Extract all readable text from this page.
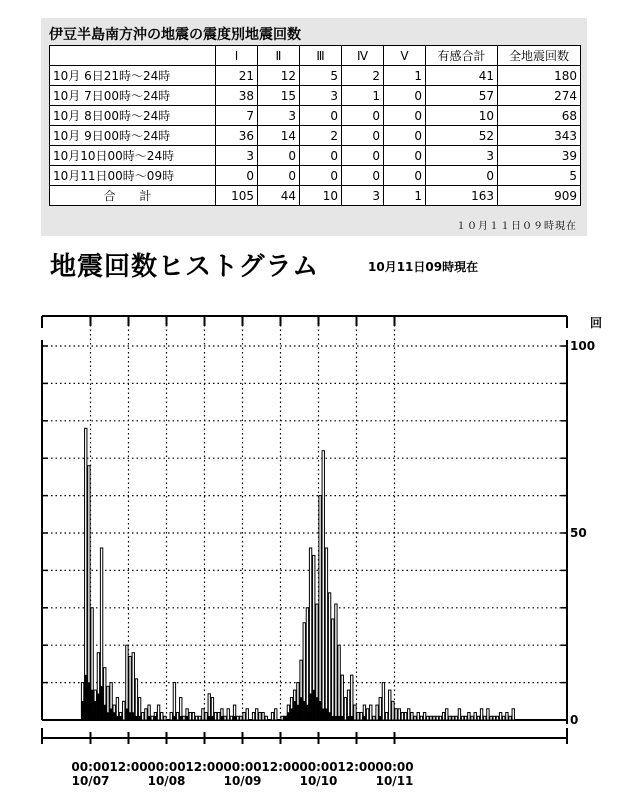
伊豆半島南方沖の地震の震度別地震回数
	Ⅰ	Ⅱ	Ⅲ	Ⅳ	Ⅴ	有感合計	全地震回数
10月 6日21時～24時	21	12	5	2	1	41	180
10月 7日00時～24時	38	15	3	1	0	57	274
10月 8日00時～24時	7	3	0	0	0	10	68
10月 9日00時～24時	36	14	2	0	0	52	343
10月10日00時～24時	3	0	0	0	0	3	39
10月11日00時～09時	0	0	0	0	0	0	5
合 計	105	44	10	3	1	163	909
１０月１１日０９時現在
地震回数ヒストグラム	10月11日09時現在
0
50
100
回
00:00
10/07
12:00 00:00
10/08
12:00 00:00
10/09
12:00 00:00
10/10
12:00 00:00
10/11
